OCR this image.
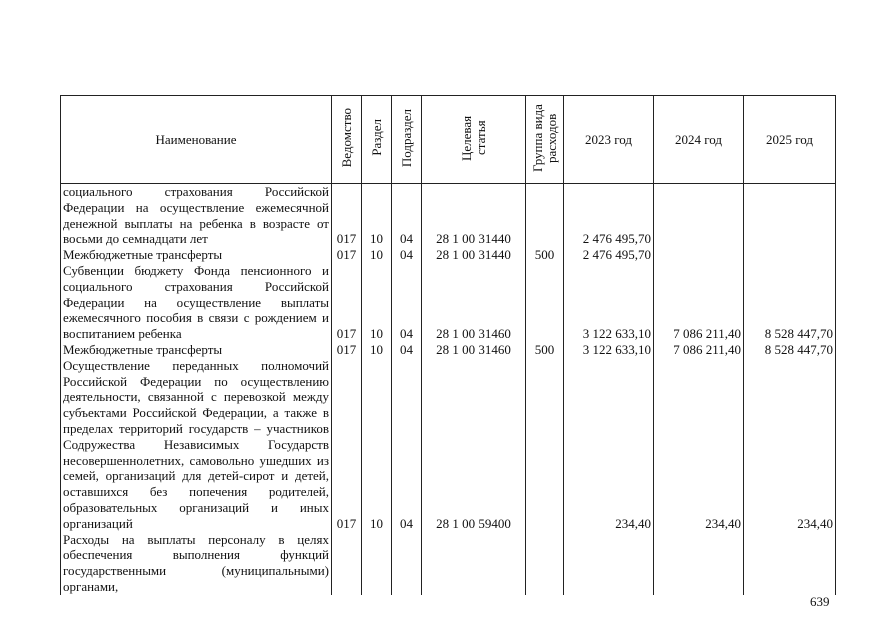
Наименование	Ведомство	Раздел	Подраздел	Целевая статья	Группа вида расходов	2023 год	2024 год	2025 год
социального страхования Российской Федерации на осуществление ежемесячной денежной выплаты на ребенка в возрасте от восьми до семнадцати лет	017	10	04	28 1 00 31440		2 476 495,70		
Межбюджетные трансферты	017	10	04	28 1 00 31440	500	2 476 495,70		
Субвенции бюджету Фонда пенсионного и социального страхования Российской Федерации на осуществление выплаты ежемесячного пособия в связи с рождением и воспитанием ребенка	017	10	04	28 1 00 31460		3 122 633,10	7 086 211,40	8 528 447,70
Межбюджетные трансферты	017	10	04	28 1 00 31460	500	3 122 633,10	7 086 211,40	8 528 447,70
Осуществление переданных полномочий Российской Федерации по осуществлению деятельности, связанной с перевозкой между субъектами Российской Федерации, а также в пределах территорий государств – участников Содружества Независимых Государств несовершеннолетних, самовольно ушедших из семей, организаций для детей-сирот и детей, оставшихся без попечения родителей, образовательных организаций и иных организаций	017	10	04	28 1 00 59400		234,40	234,40	234,40
Расходы на выплаты персоналу в целях обеспечения выполнения функций государственными (муниципальными) органами,								
639
